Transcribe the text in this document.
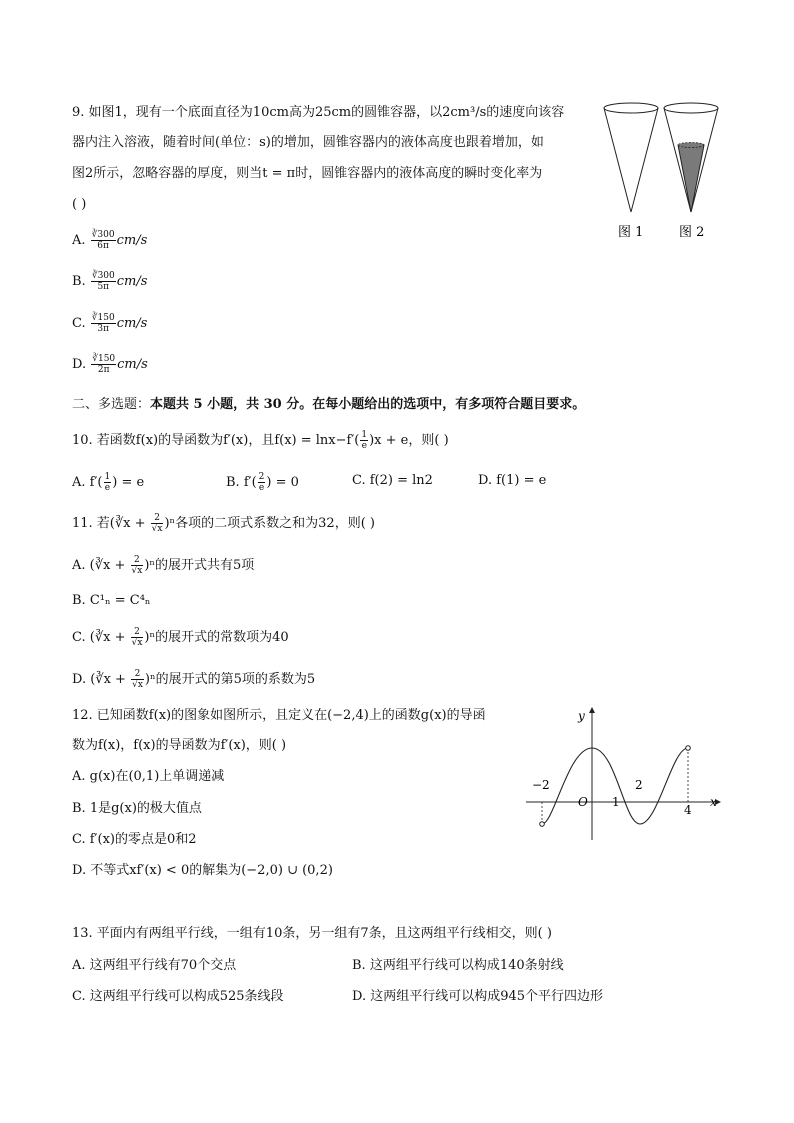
9. 如图1，现有一个底面直径为10cm高为25cm的圆锥容器，以2cm³/s的速度向该容
器内注入溶液，随着时间(单位：s)的增加，圆锥容器内的液体高度也跟着增加，如
图2所示，忽略容器的厚度，则当t = π时，圆锥容器内的液体高度的瞬时变化率为
( )
A. $\frac{∛300}{6\pi} cm/s$
B. $\frac{∛300}{5\pi} cm/s$
C. $\frac{∛150}{3\pi} cm/s$
D. $\frac{∛150}{2\pi} cm/s$
图 1	图 2
二、多选题：本题共 5 小题，共 30 分。在每小题给出的选项中，有多项符合题目要求。
10. 若函数f(x)的导函数为f′(x)，且$f(x) = \ln x-f'( \frac{1}{e} )x + e$，则( )
A. $f'( \frac{1}{e}$ ) = e	B. $f'( \frac{2}{e}$ ) = 0	C. f(2) = ln2	D. f(1) = e
11. 若(∛x + $\frac{2}{√x} )^n$各项的二项式系数之和为32，则( )
A. (∛x + $\frac{2}{√x} )^n$的展开式共有5项
B. C¹ₙ = C⁴ₙ
C. (∛x + $\frac{2}{√x} )^n$的展开式的常数项为40
D. (∛x + $\frac{2}{√x} )^n$的展开式的第5项的系数为5
12. 已知函数f(x)的图象如图所示，且定义在(−2,4)上的函数g(x)的导函
数为f(x)，f(x)的导函数为f′(x)，则( )
A. g(x)在(0,1)上单调递减
B. 1是g(x)的极大值点
C. f′(x)的零点是0和2
D. 不等式xf′(x) < 0的解集为(−2,0) ∪ (0,2)
y
x
O
−2
1
2
4
13. 平面内有两组平行线，一组有10条，另一组有7条，且这两组平行线相交，则( )
A. 这两组平行线有70个交点	B. 这两组平行线可以构成140条射线
C. 这两组平行线可以构成525条线段	D. 这两组平行线可以构成945个平行四边形
